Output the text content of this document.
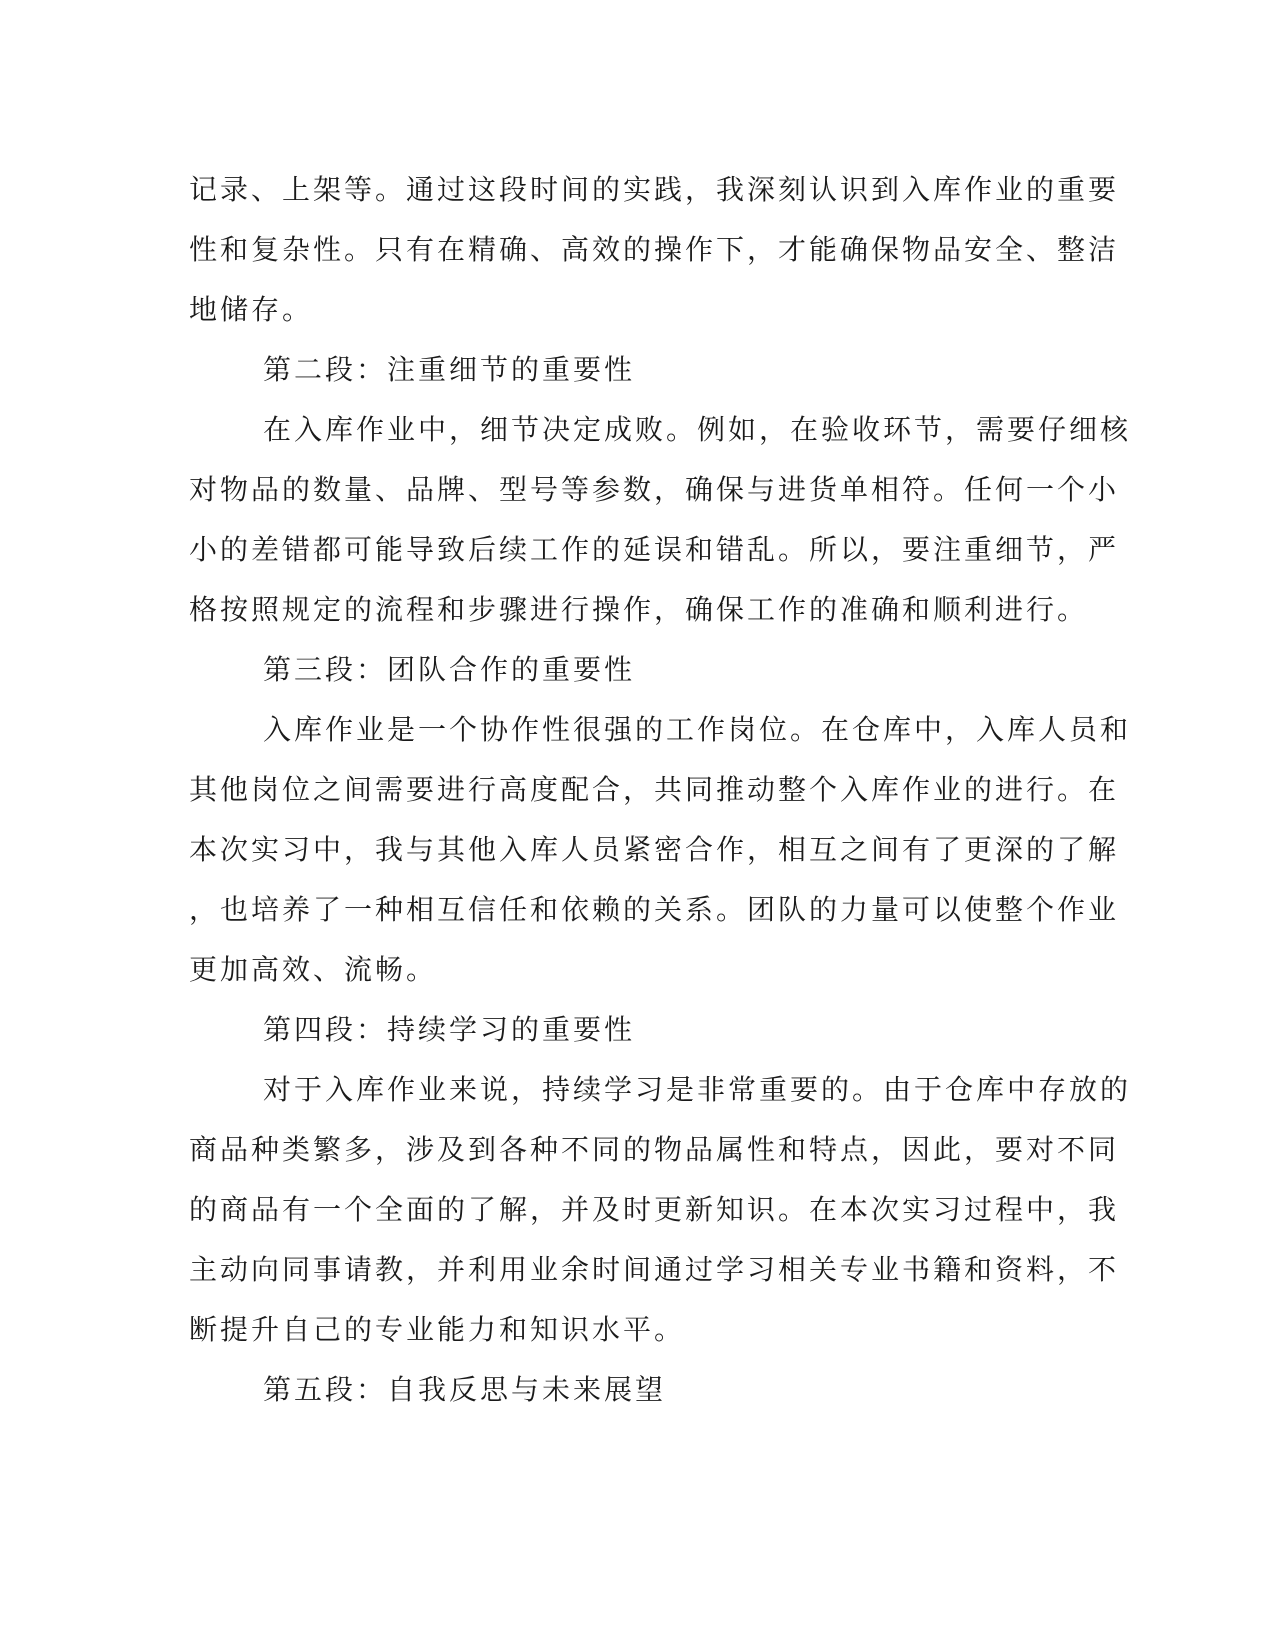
记录、上架等。通过这段时间的实践，我深刻认识到入库作业的重要
性和复杂性。只有在精确、高效的操作下，才能确保物品安全、整洁
地储存。
第二段：注重细节的重要性
在入库作业中，细节决定成败。例如，在验收环节，需要仔细核
对物品的数量、品牌、型号等参数，确保与进货单相符。任何一个小
小的差错都可能导致后续工作的延误和错乱。所以，要注重细节，严
格按照规定的流程和步骤进行操作，确保工作的准确和顺利进行。
第三段：团队合作的重要性
入库作业是一个协作性很强的工作岗位。在仓库中，入库人员和
其他岗位之间需要进行高度配合，共同推动整个入库作业的进行。在
本次实习中，我与其他入库人员紧密合作，相互之间有了更深的了解
，也培养了一种相互信任和依赖的关系。团队的力量可以使整个作业
更加高效、流畅。
第四段：持续学习的重要性
对于入库作业来说，持续学习是非常重要的。由于仓库中存放的
商品种类繁多，涉及到各种不同的物品属性和特点，因此，要对不同
的商品有一个全面的了解，并及时更新知识。在本次实习过程中，我
主动向同事请教，并利用业余时间通过学习相关专业书籍和资料，不
断提升自己的专业能力和知识水平。
第五段：自我反思与未来展望
